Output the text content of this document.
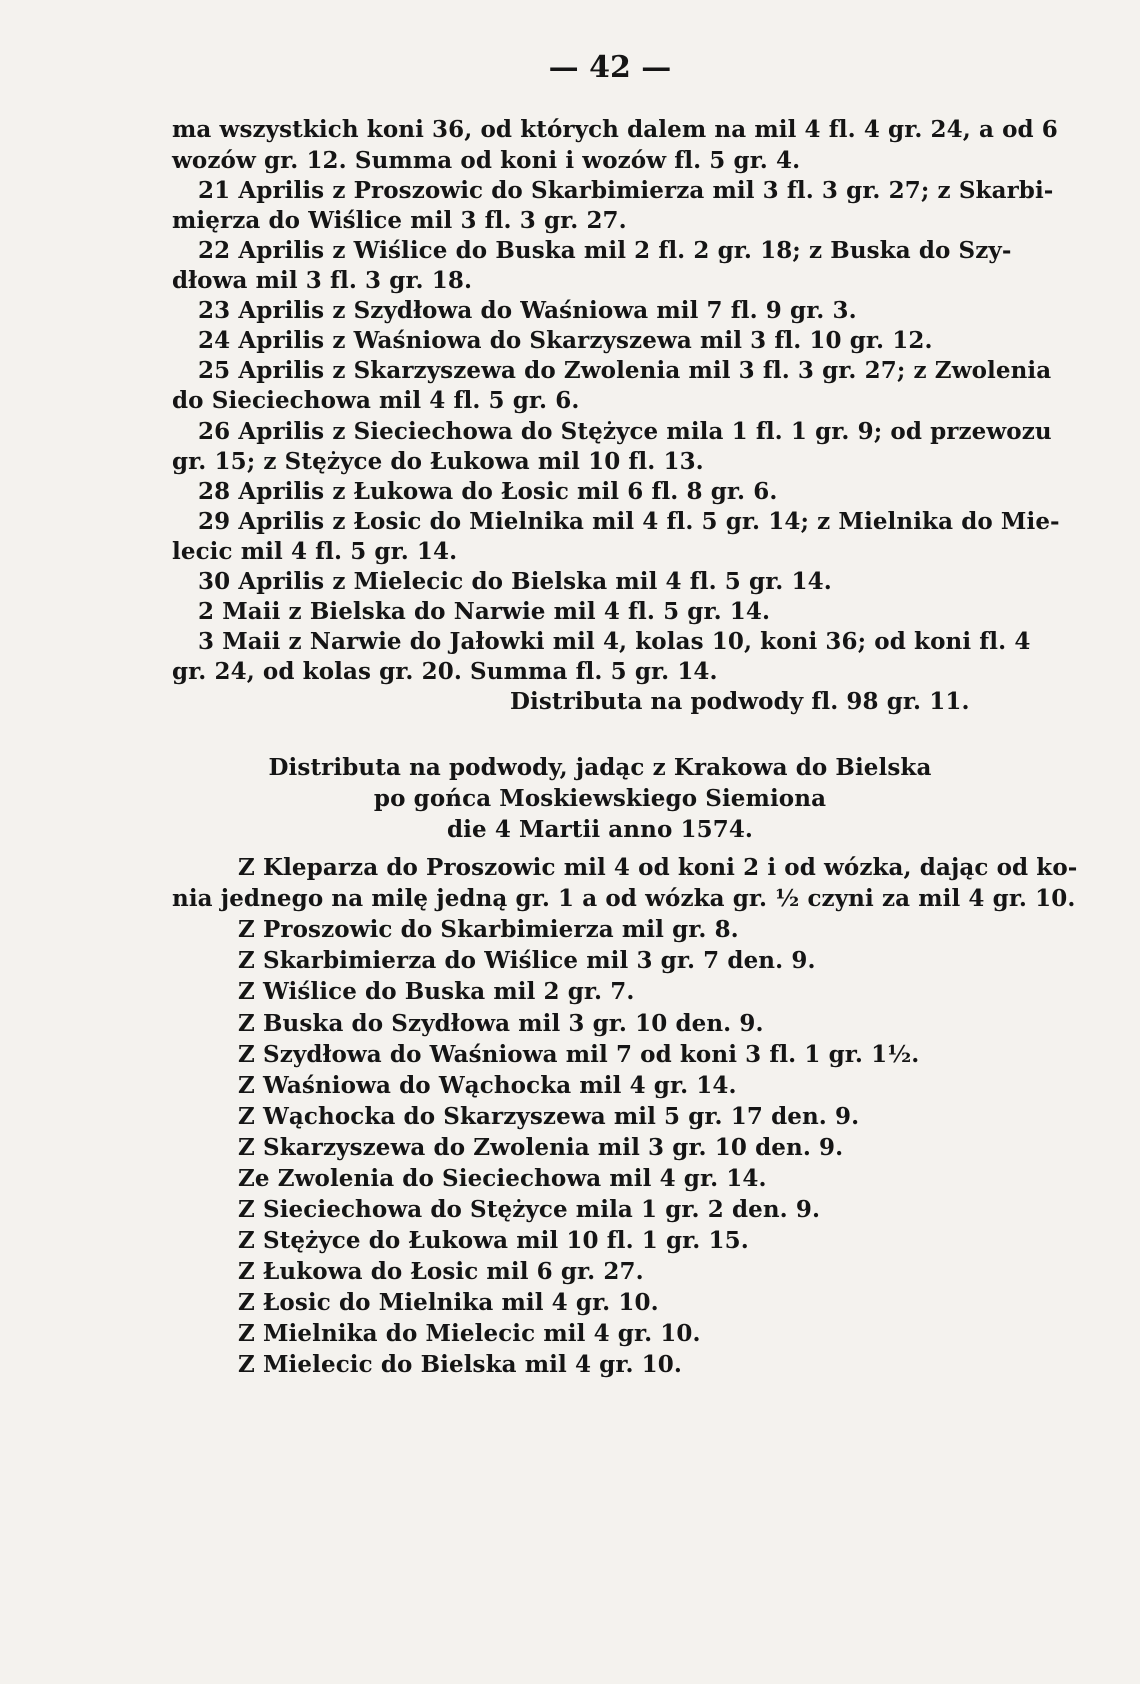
— 42 —
ma wszystkich koni 36, od których dalem na mil 4 fl. 4 gr. 24, a od 6
wozów gr. 12. Summa od koni i wozów fl. 5 gr. 4.
21 Aprilis z Proszowic do Skarbimierza mil 3 fl. 3 gr. 27; z Skarbi-
mięrza do Wiślice mil 3 fl. 3 gr. 27.
22 Aprilis z Wiślice do Buska mil 2 fl. 2 gr. 18; z Buska do Szy-
dłowa mil 3 fl. 3 gr. 18.
23 Aprilis z Szydłowa do Waśniowa mil 7 fl. 9 gr. 3.
24 Aprilis z Waśniowa do Skarzyszewa mil 3 fl. 10 gr. 12.
25 Aprilis z Skarzyszewa do Zwolenia mil 3 fl. 3 gr. 27; z Zwolenia
do Sieciechowa mil 4 fl. 5 gr. 6.
26 Aprilis z Sieciechowa do Stężyce mila 1 fl. 1 gr. 9; od przewozu
gr. 15; z Stężyce do Łukowa mil 10 fl. 13.
28 Aprilis z Łukowa do Łosic mil 6 fl. 8 gr. 6.
29 Aprilis z Łosic do Mielnika mil 4 fl. 5 gr. 14; z Mielnika do Mie-
lecic mil 4 fl. 5 gr. 14.
30 Aprilis z Mielecic do Bielska mil 4 fl. 5 gr. 14.
2 Maii z Bielska do Narwie mil 4 fl. 5 gr. 14.
3 Maii z Narwie do Jałowki mil 4, kolas 10, koni 36; od koni fl. 4
gr. 24, od kolas gr. 20. Summa fl. 5 gr. 14.
Distributa na podwody fl. 98 gr. 11.
Distributa na podwody, jadąc z Krakowa do Bielska
po gońca Moskiewskiego Siemiona
die 4 Martii anno 1574.
Z Kleparza do Proszowic mil 4 od koni 2 i od wózka, dając od ko-
nia jednego na milę jedną gr. 1 a od wózka gr. ½ czyni za mil 4 gr. 10.
Z Proszowic do Skarbimierza mil gr. 8.
Z Skarbimierza do Wiślice mil 3 gr. 7 den. 9.
Z Wiślice do Buska mil 2 gr. 7.
Z Buska do Szydłowa mil 3 gr. 10 den. 9.
Z Szydłowa do Waśniowa mil 7 od koni 3 fl. 1 gr. 1½.
Z Waśniowa do Wąchocka mil 4 gr. 14.
Z Wąchocka do Skarzyszewa mil 5 gr. 17 den. 9.
Z Skarzyszewa do Zwolenia mil 3 gr. 10 den. 9.
Ze Zwolenia do Sieciechowa mil 4 gr. 14.
Z Sieciechowa do Stężyce mila 1 gr. 2 den. 9.
Z Stężyce do Łukowa mil 10 fl. 1 gr. 15.
Z Łukowa do Łosic mil 6 gr. 27.
Z Łosic do Mielnika mil 4 gr. 10.
Z Mielnika do Mielecic mil 4 gr. 10.
Z Mielecic do Bielska mil 4 gr. 10.
